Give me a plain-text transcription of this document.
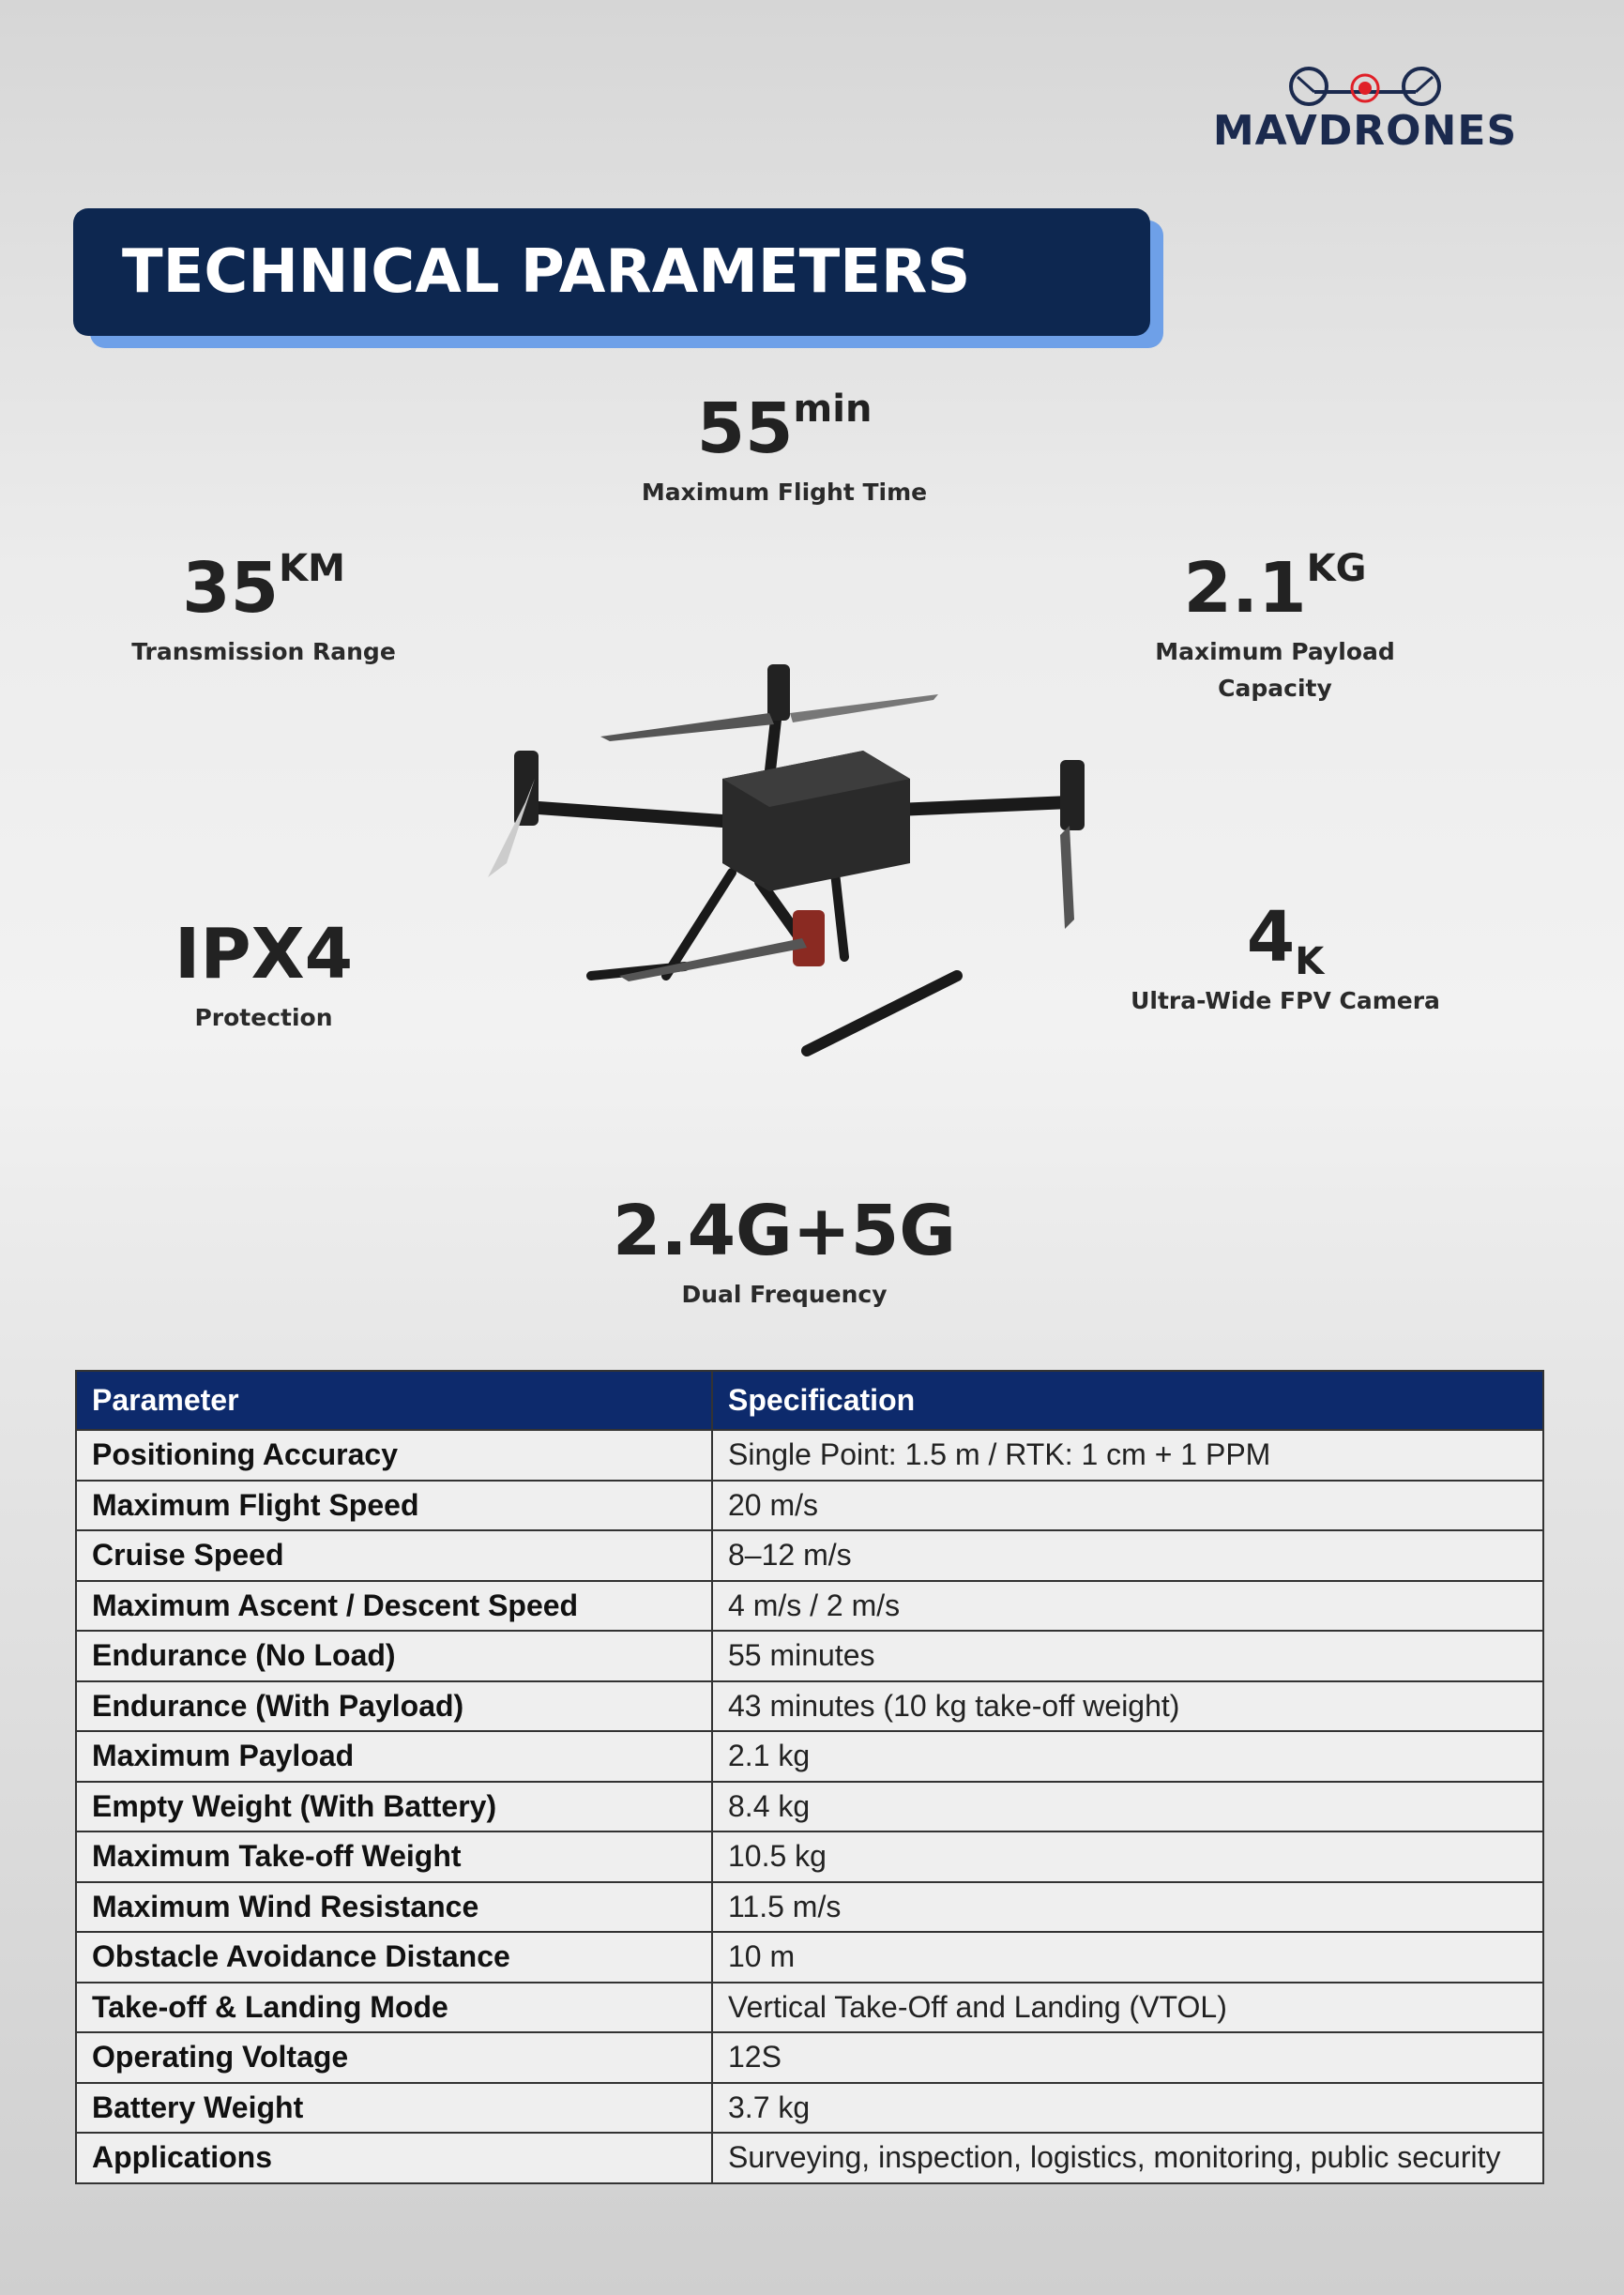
MAVDRONES
TECHNICAL PARAMETERS
$55^{min}$
Maximum Flight Time
$35^{KM}$
Transmission Range
$2.1^{KG}$
Maximum Payload
Capacity
IPX4
Protection
4K
Ultra-Wide FPV Camera
2.4G+5G
Dual Frequency
Parameter	Specification
Positioning Accuracy	Single Point: 1.5 m / RTK: 1 cm + 1 PPM
Maximum Flight Speed	20 m/s
Cruise Speed	8–12 m/s
Maximum Ascent / Descent Speed	4 m/s / 2 m/s
Endurance (No Load)	55 minutes
Endurance (With Payload)	43 minutes (10 kg take-off weight)
Maximum Payload	2.1 kg
Empty Weight (With Battery)	8.4 kg
Maximum Take-off Weight	10.5 kg
Maximum Wind Resistance	11.5 m/s
Obstacle Avoidance Distance	10 m
Take-off & Landing Mode	Vertical Take-Off and Landing (VTOL)
Operating Voltage	12S
Battery Weight	3.7 kg
Applications	Surveying, inspection, logistics, monitoring, public security
